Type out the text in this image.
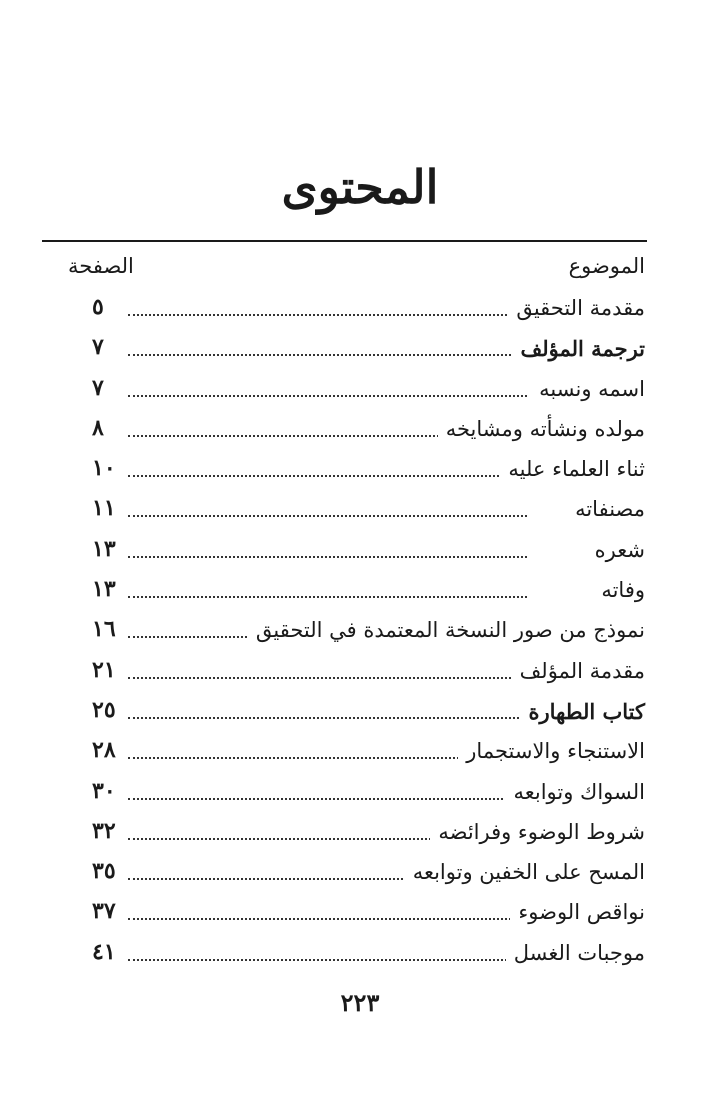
المحتوى
الموضوع
الصفحة
مقدمة التحقيق
٥
ترجمة المؤلف
٧
اسمه ونسبه
٧
مولده ونشأته ومشايخه
٨
ثناء العلماء عليه
١٠
مصنفاته
١١
شعره
١٣
وفاته
١٣
نموذج من صور النسخة المعتمدة في التحقيق
١٦
مقدمة المؤلف
٢١
كتاب الطهارة
٢٥
الاستنجاء والاستجمار
٢٨
السواك وتوابعه
٣٠
شروط الوضوء وفرائضه
٣٢
المسح على الخفين وتوابعه
٣٥
نواقص الوضوء
٣٧
موجبات الغسل
٤١
٢٢٣
